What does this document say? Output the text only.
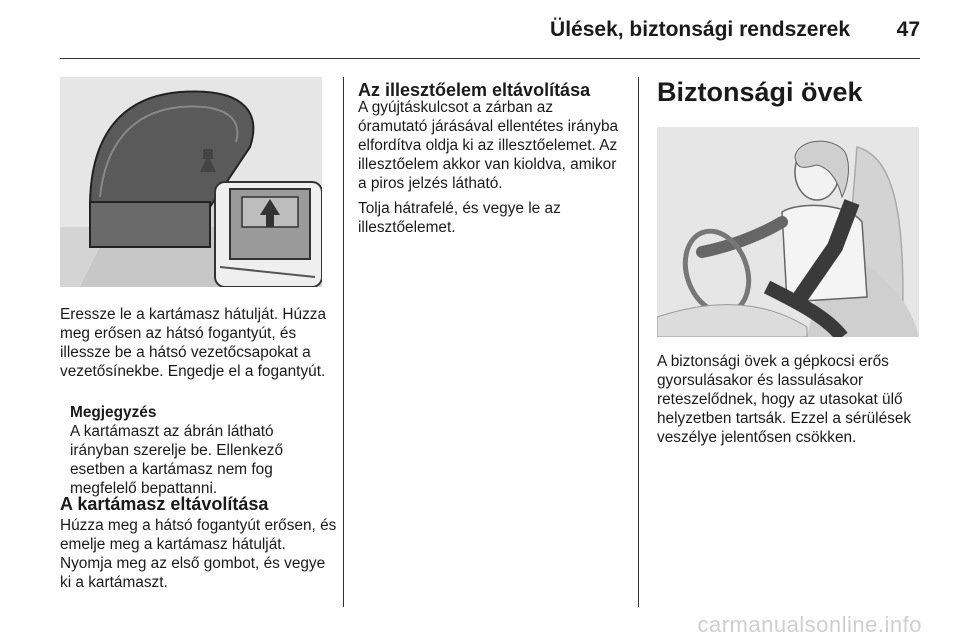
Ülések, biztonsági rendszerek 47

Eressze le a kartámasz hátulját. Húzza meg erősen az hátsó fogantyút, és illessze be a hátsó vezetőcsapokat a vezetősínekbe. Engedje el a fogantyút.

Megjegyzés

A kartámaszt az ábrán látható irányban szerelje be. Ellenkező esetben a kartámasz nem fog megfelelő bepattanni.

A kartámasz eltávolítása

Húzza meg a hátsó fogantyút erősen, és emelje meg a kartámasz hátulját. Nyomja meg az első gombot, és vegye ki a kartámaszt.

Az illesztőelem eltávolítása

A gyújtáskulcsot a zárban az óramutató járásával ellentétes irányba elfordítva oldja ki az illesztőelemet. Az illesztőelem akkor van kioldva, amikor a piros jelzés látható.

Tolja hátrafelé, és vegye le az illesztőelemet.

Biztonsági övek

A biztonsági övek a gépkocsi erős gyorsulásakor és lassulásakor reteszelődnek, hogy az utasokat ülő helyzetben tartsák. Ezzel a sérülések veszélye jelentősen csökken.

carmanualsonline.info
